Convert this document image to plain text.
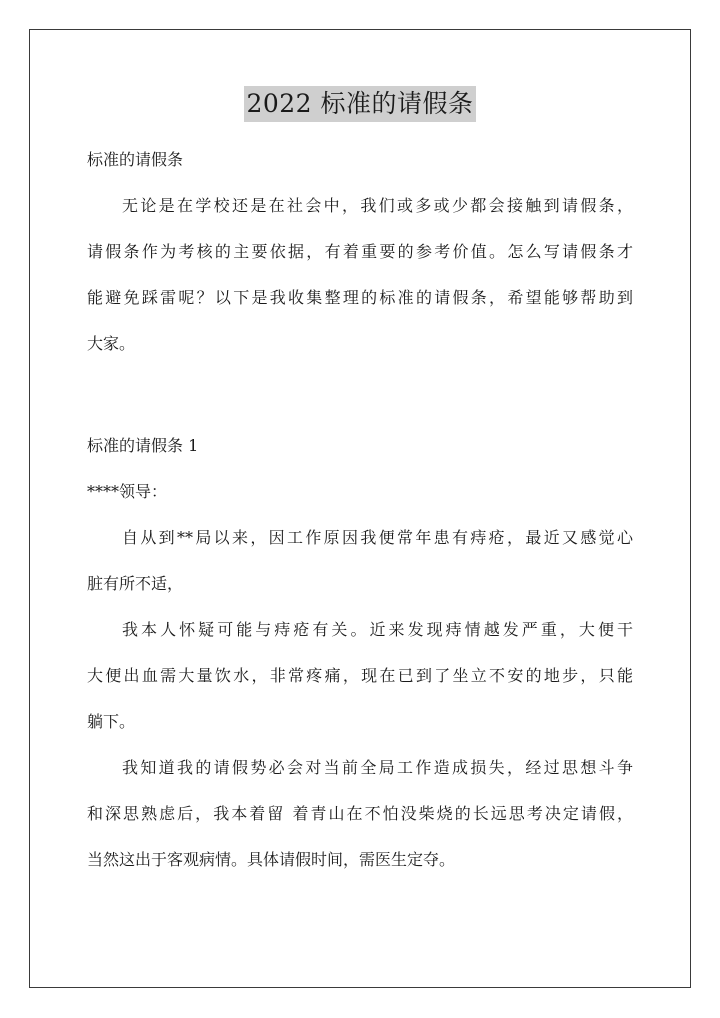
2022 标准的请假条

标准的请假条

无论是在学校还是在社会中，我们或多或少都会接触到请假条，

请假条作为考核的主要依据，有着重要的参考价值。怎么写请假条才

能避免踩雷呢？以下是我收集整理的标准的请假条，希望能够帮助到

大家。

标准的请假条 1

****领导：

自从到**局以来，因工作原因我便常年患有痔疮，最近又感觉心

脏有所不适，

我本人怀疑可能与痔疮有关。近来发现痔情越发严重，大便干

大便出血需大量饮水，非常疼痛，现在已到了坐立不安的地步，只能

躺下。

我知道我的请假势必会对当前全局工作造成损失，经过思想斗争

和深思熟虑后，我本着留 着青山在不怕没柴烧的长远思考决定请假，

当然这出于客观病情。具体请假时间，需医生定夺。
